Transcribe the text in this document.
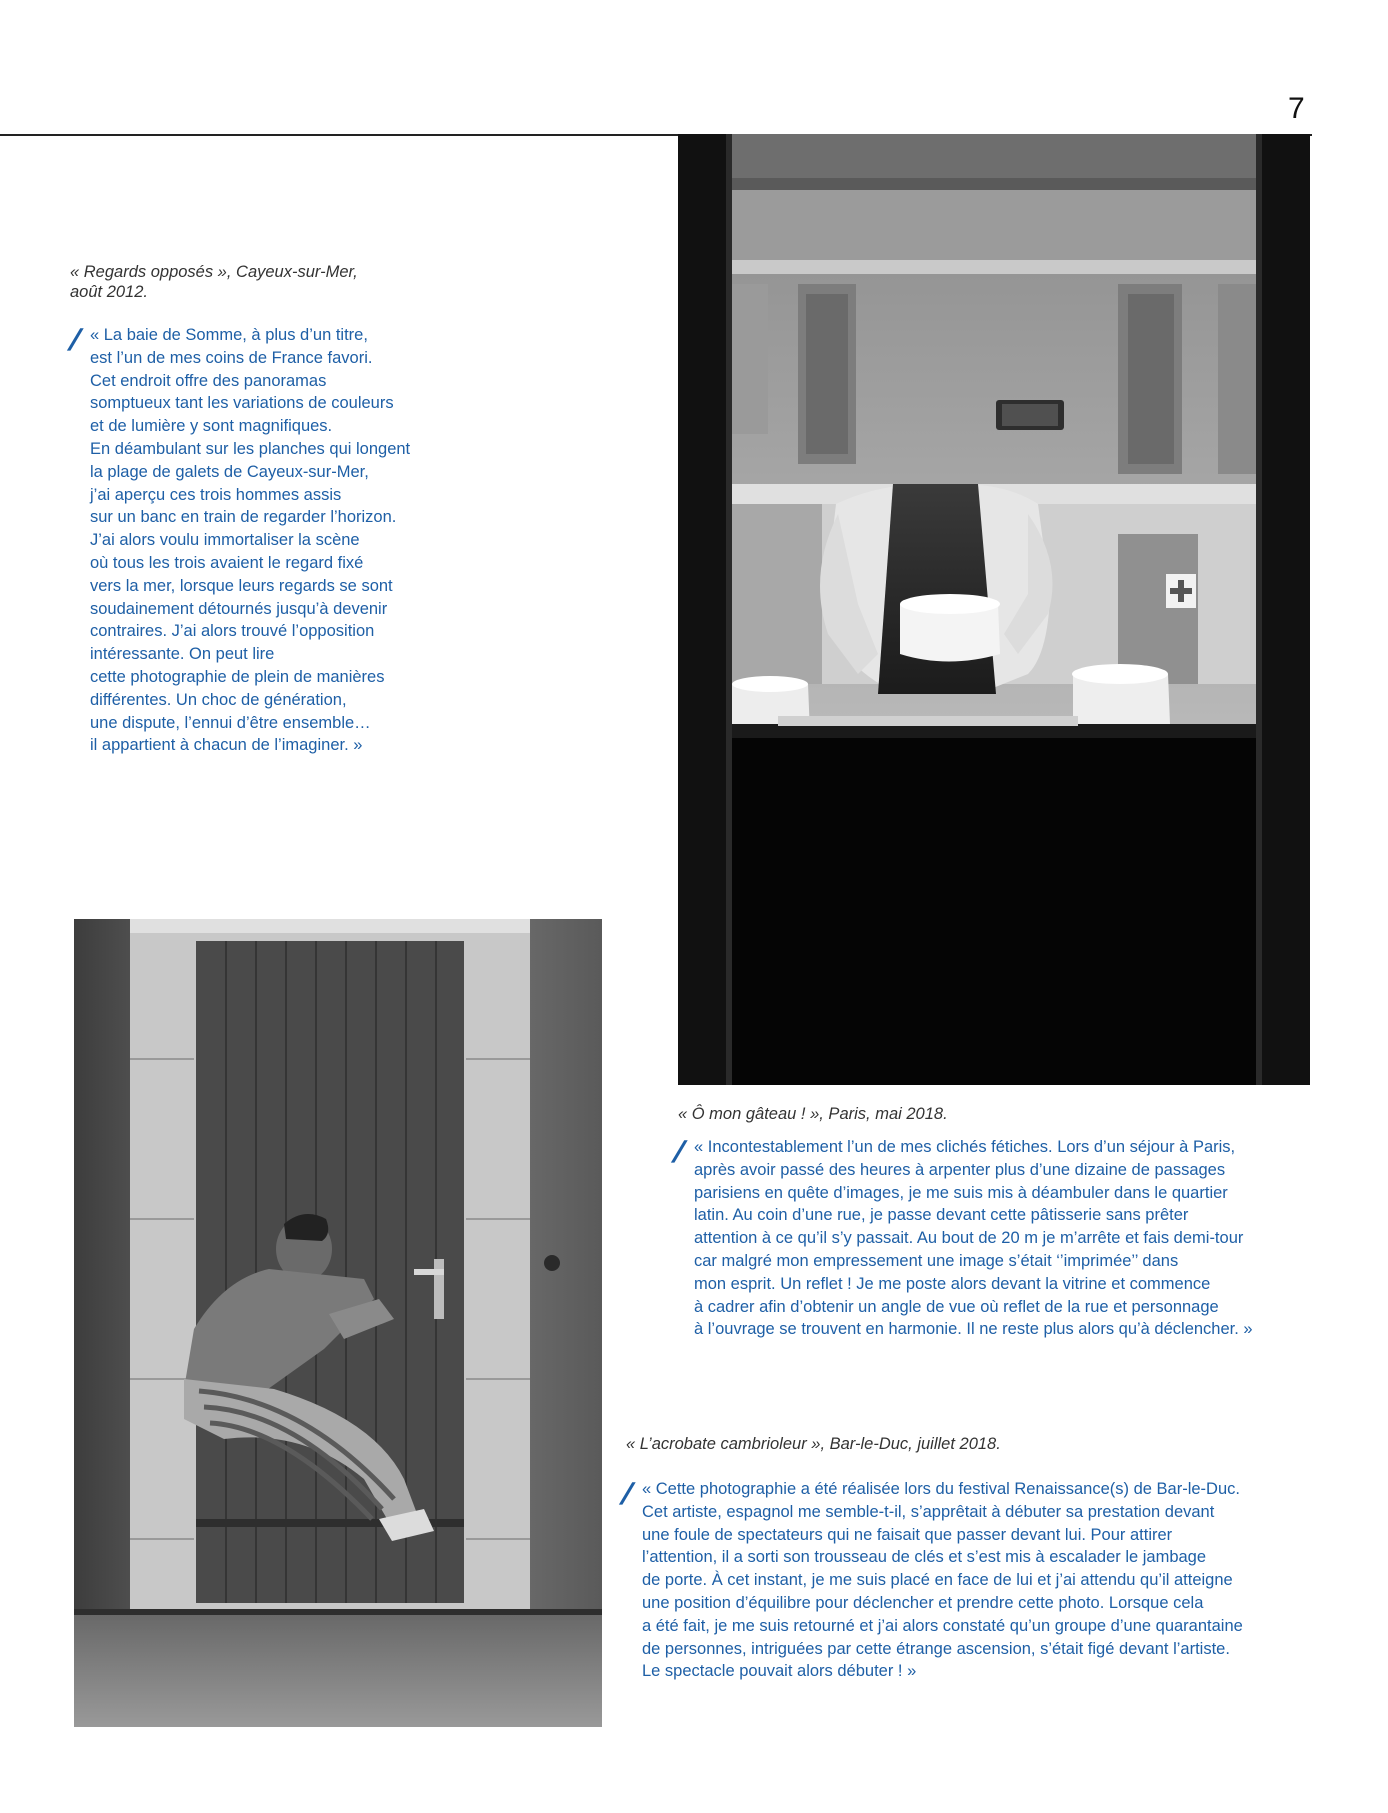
7
« Regards opposés », Cayeux-sur-Mer,
août 2012.
/ « La baie de Somme, à plus d’un titre,
est l’un de mes coins de France favori.
Cet endroit offre des panoramas
somptueux tant les variations de couleurs
et de lumière y sont magnifiques.
En déambulant sur les planches qui longent
la plage de galets de Cayeux-sur-Mer,
j’ai aperçu ces trois hommes assis
sur un banc en train de regarder l’horizon.
J’ai alors voulu immortaliser la scène
où tous les trois avaient le regard fixé
vers la mer, lorsque leurs regards se sont
soudainement détournés jusqu’à devenir
contraires. J’ai alors trouvé l’opposition
intéressante. On peut lire
cette photographie de plein de manières
différentes. Un choc de génération,
une dispute, l’ennui d’être ensemble…
il appartient à chacun de l’imaginer. »
« Ô mon gâteau ! », Paris, mai 2018.
/ « Incontestablement l’un de mes clichés fétiches. Lors d’un séjour à Paris,
après avoir passé des heures à arpenter plus d’une dizaine de passages
parisiens en quête d’images, je me suis mis à déambuler dans le quartier
latin. Au coin d’une rue, je passe devant cette pâtisserie sans prêter
attention à ce qu’il s’y passait. Au bout de 20 m je m’arrête et fais demi-tour
car malgré mon empressement une image s’était ‘’imprimée’’ dans
mon esprit. Un reflet ! Je me poste alors devant la vitrine et commence
à cadrer afin d’obtenir un angle de vue où reflet de la rue et personnage
à l’ouvrage se trouvent en harmonie. Il ne reste plus alors qu’à déclencher. »
« L’acrobate cambrioleur », Bar-le-Duc, juillet 2018.
/ « Cette photographie a été réalisée lors du festival Renaissance(s) de Bar-le-Duc.
Cet artiste, espagnol me semble-t-il, s’apprêtait à débuter sa prestation devant
une foule de spectateurs qui ne faisait que passer devant lui. Pour attirer
l’attention, il a sorti son trousseau de clés et s’est mis à escalader le jambage
de porte. À cet instant, je me suis placé en face de lui et j’ai attendu qu’il atteigne
une position d’équilibre pour déclencher et prendre cette photo. Lorsque cela
a été fait, je me suis retourné et j’ai alors constaté qu’un groupe d’une quarantaine
de personnes, intriguées par cette étrange ascension, s’était figé devant l’artiste.
Le spectacle pouvait alors débuter ! »
